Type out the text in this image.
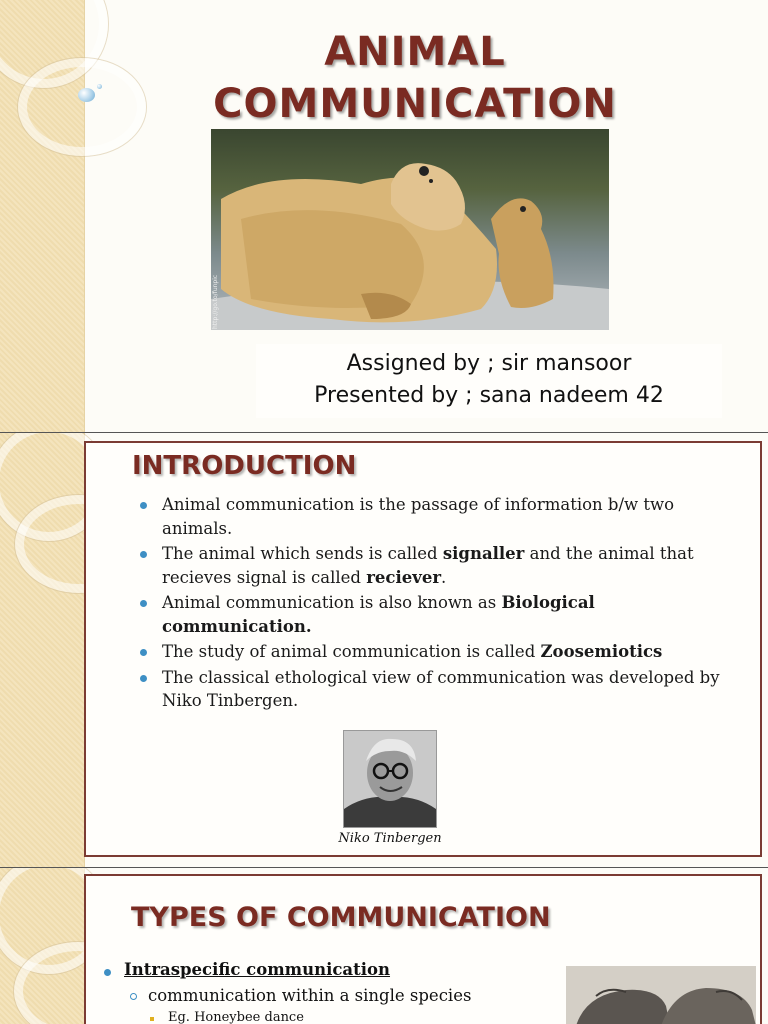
ANIMAL
COMMUNICATION
http://go.to/funpic
Assigned by ; sir mansoor
Presented by ; sana nadeem 42
INTRODUCTION
Animal communication is the passage of information b/w two animals.
The animal which sends is called signaller and the animal that recieves signal is called reciever.
Animal communication is also known as Biological communication.
The study of animal communication is called Zoosemiotics
The classical ethological view of communication was developed by Niko Tinbergen.
Niko Tinbergen
TYPES OF COMMUNICATION
Intraspecific communication
communication within a single species
Eg. Honeybee dance
